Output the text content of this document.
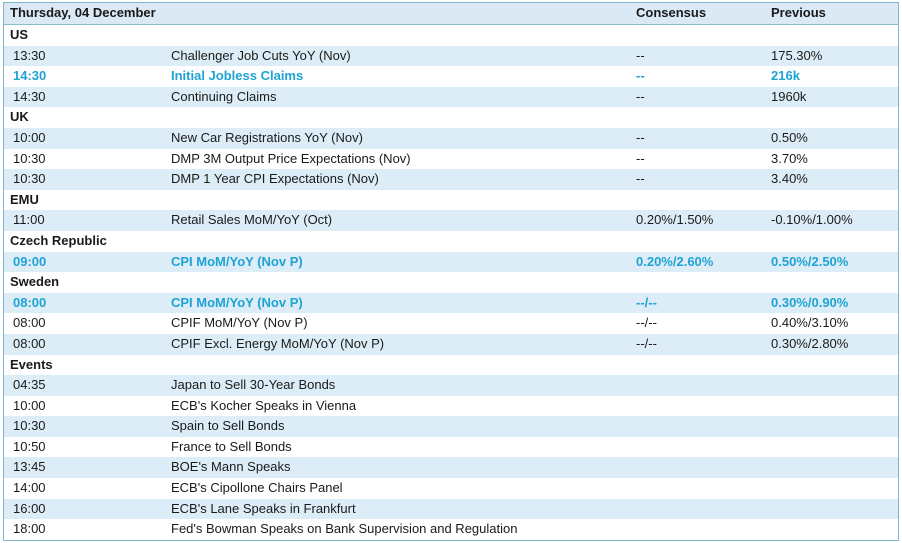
Thursday, 04 December		Consensus	Previous
US			
13:30	Challenger Job Cuts YoY (Nov)	--	175.30%
14:30	Initial Jobless Claims	--	216k
14:30	Continuing Claims	--	1960k
UK			
10:00	New Car Registrations YoY (Nov)	--	0.50%
10:30	DMP 3M Output Price Expectations (Nov)	--	3.70%
10:30	DMP 1 Year CPI Expectations (Nov)	--	3.40%
EMU			
11:00	Retail Sales MoM/YoY (Oct)	0.20%/1.50%	-0.10%/1.00%
Czech Republic			
09:00	CPI MoM/YoY (Nov P)	0.20%/2.60%	0.50%/2.50%
Sweden			
08:00	CPI MoM/YoY (Nov P)	--/--	0.30%/0.90%
08:00	CPIF MoM/YoY (Nov P)	--/--	0.40%/3.10%
08:00	CPIF Excl. Energy MoM/YoY (Nov P)	--/--	0.30%/2.80%
Events			
04:35	Japan to Sell 30-Year Bonds		
10:00	ECB's Kocher Speaks in Vienna		
10:30	Spain to Sell Bonds		
10:50	France to Sell Bonds		
13:45	BOE's Mann Speaks		
14:00	ECB's Cipollone Chairs Panel		
16:00	ECB's Lane Speaks in Frankfurt		
18:00	Fed's Bowman Speaks on Bank Supervision and Regulation		
